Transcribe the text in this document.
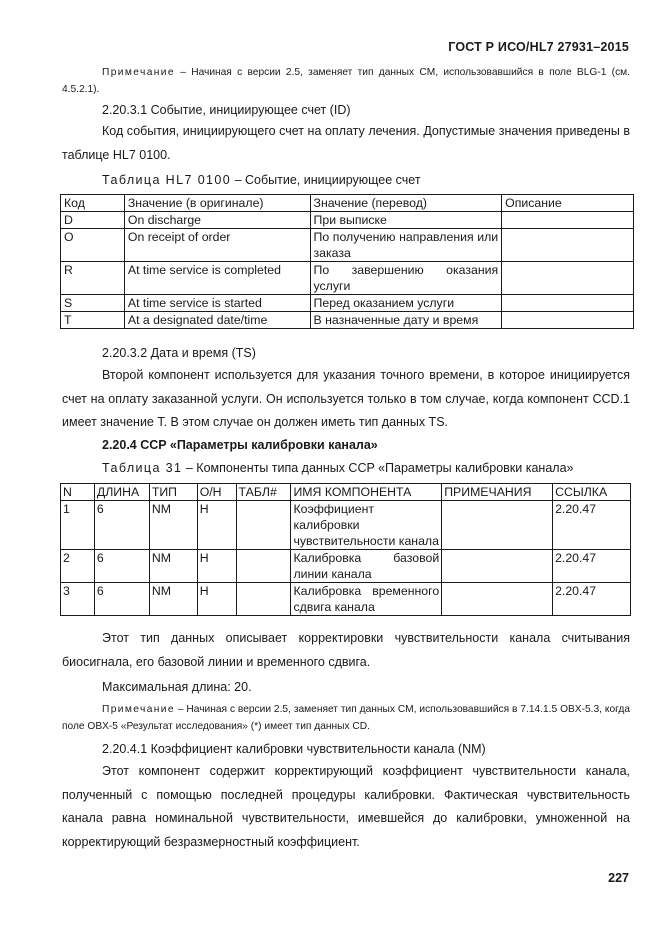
ГОСТ Р ИСО/HL7 27931–2015

Примечание – Начиная с версии 2.5, заменяет тип данных CM, использовавшийся в поле BLG-1 (см. 4.5.2.1).

2.20.3.1 Событие, инициирующее счет (ID)

Код события, инициирующего счет на оплату лечения. Допустимые значения приведены в таблице HL7 0100.

Таблица HL7 0100 – Событие, инициирующее счет

Код	Значение (в оригинале)	Значение (перевод)	Описание
D	On discharge	При выписке	
O	On receipt of order	По получению направления или заказа	
R	At time service is completed	По завершению оказания услуги	
S	At time service is started	Перед оказанием услуги	
T	At a designated date/time	В назначенные дату и время	

2.20.3.2 Дата и время (TS)

Второй компонент используется для указания точного времени, в которое инициируется счет на оплату заказанной услуги. Он используется только в том случае, когда компонент CCD.1 имеет значение T. В этом случае он должен иметь тип данных TS.

2.20.4 CCP «Параметры калибровки канала»

Таблица 31 – Компоненты типа данных CCP «Параметры калибровки канала»

N	ДЛИНА	ТИП	О/Н	ТАБЛ#	ИМЯ КОМПОНЕНТА	ПРИМЕЧАНИЯ	ССЫЛКА
1	6	NM	Н		Коэффициент калибровки чувствительности канала		2.20.47
2	6	NM	Н		Калибровка базовой линии канала		2.20.47
3	6	NM	Н		Калибровка временного сдвига канала		2.20.47

Этот тип данных описывает корректировки чувствительности канала считывания биосигнала, его базовой линии и временного сдвига.

Максимальная длина: 20.

Примечание – Начиная с версии 2.5, заменяет тип данных CM, использовавшийся в 7.14.1.5 OBX-5.3, когда поле OBX-5 «Результат исследования» (*) имеет тип данных CD.

2.20.4.1 Коэффициент калибровки чувствительности канала (NM)

Этот компонент содержит корректирующий коэффициент чувствительности канала, полученный с помощью последней процедуры калибровки. Фактическая чувствительность канала равна номинальной чувствительности, имевшейся до калибровки, умноженной на корректирующий безразмерностный коэффициент.

227
